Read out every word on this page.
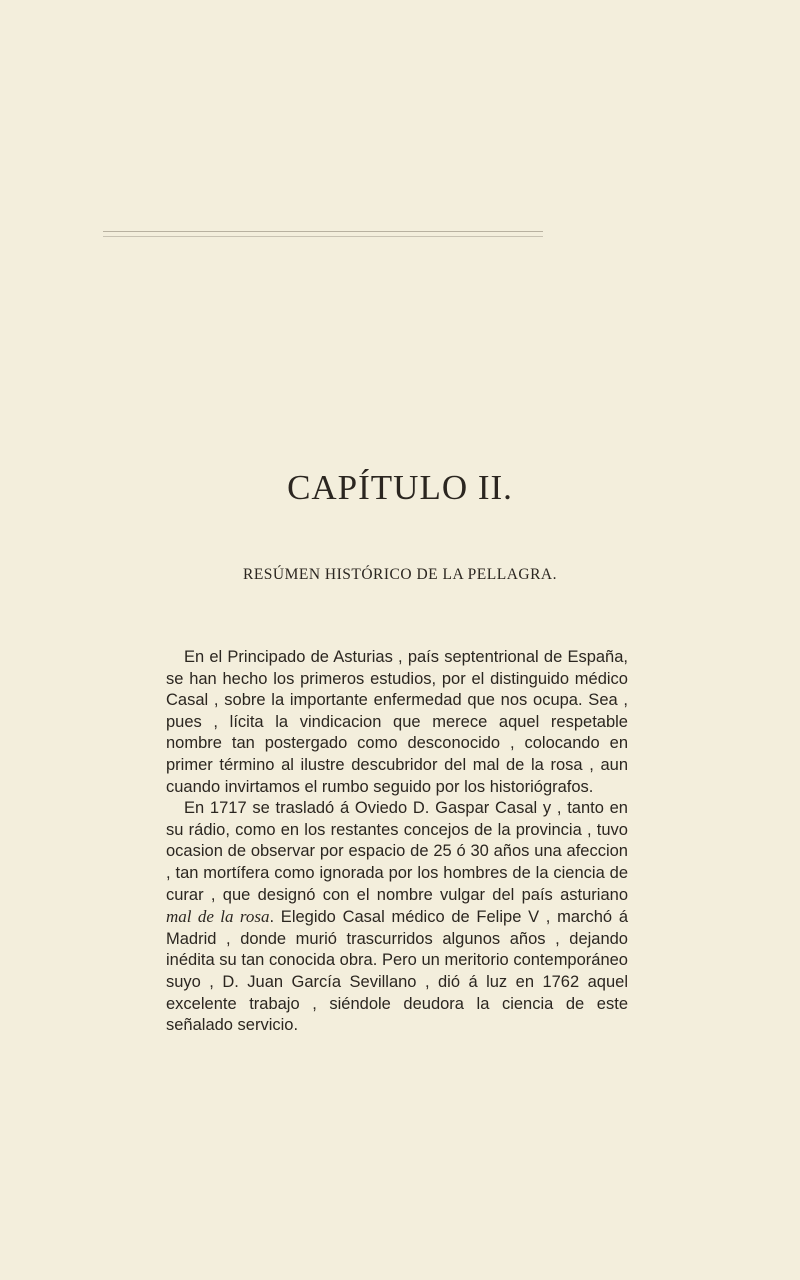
CAPÍTULO II.
RESÚMEN HISTÓRICO DE LA PELLAGRA.

En el Principado de Asturias , país septentrional de España, se han hecho los primeros estudios, por el distinguido médico Casal , sobre la importante enfermedad que nos ocupa. Sea , pues , lícita la vindicacion que merece aquel respetable nombre tan postergado como desconocido , colocando en primer término al ilustre descubridor del mal de la rosa , aun cuando invirtamos el rumbo seguido por los historiógrafos.

En 1717 se trasladó á Oviedo D. Gaspar Casal y , tanto en su rádio, como en los restantes concejos de la provincia , tuvo ocasion de observar por espacio de 25 ó 30 años una afeccion , tan mortífera como ignorada por los hombres de la ciencia de curar , que designó con el nombre vulgar del país asturiano mal de la rosa. Elegido Casal médico de Felipe V , marchó á Madrid , donde murió trascurridos algunos años , dejando inédita su tan conocida obra. Pero un meritorio contemporáneo suyo , D. Juan García Sevillano , dió á luz en 1762 aquel excelente trabajo , siéndole deudora la ciencia de este señalado servicio.
